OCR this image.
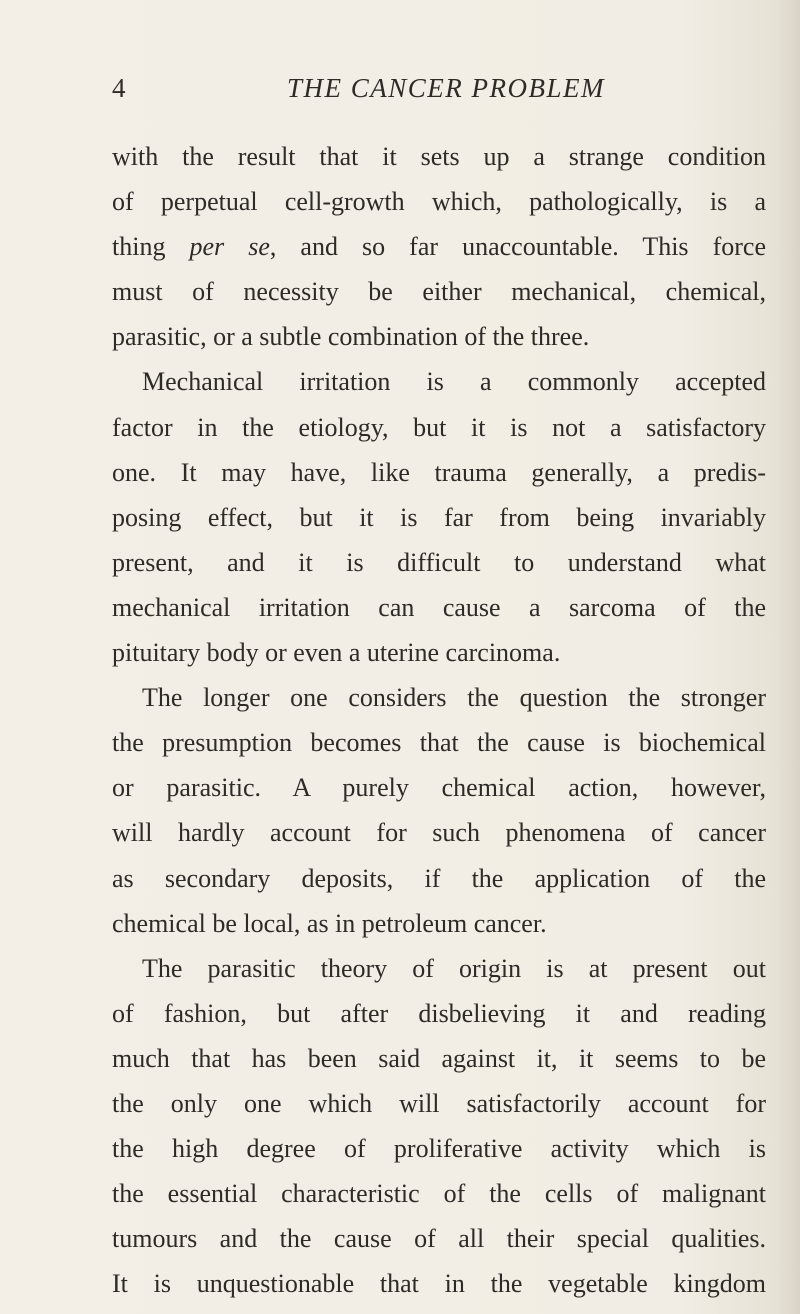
4	THE CANCER PROBLEM
with the result that it sets up a strange condition
of perpetual cell-growth which, pathologically, is a
thing per se, and so far unaccountable. This force
must of necessity be either mechanical, chemical,
parasitic, or a subtle combination of the three.
Mechanical irritation is a commonly accepted
factor in the etiology, but it is not a satisfactory
one. It may have, like trauma generally, a predis-
posing effect, but it is far from being invariably
present, and it is difficult to understand what
mechanical irritation can cause a sarcoma of the
pituitary body or even a uterine carcinoma.
The longer one considers the question the stronger
the presumption becomes that the cause is biochemical
or parasitic. A purely chemical action, however,
will hardly account for such phenomena of cancer
as secondary deposits, if the application of the
chemical be local, as in petroleum cancer.
The parasitic theory of origin is at present out
of fashion, but after disbelieving it and reading
much that has been said against it, it seems to be
the only one which will satisfactorily account for
the high degree of proliferative activity which is
the essential characteristic of the cells of malignant
tumours and the cause of all their special qualities.
It is unquestionable that in the vegetable kingdom
